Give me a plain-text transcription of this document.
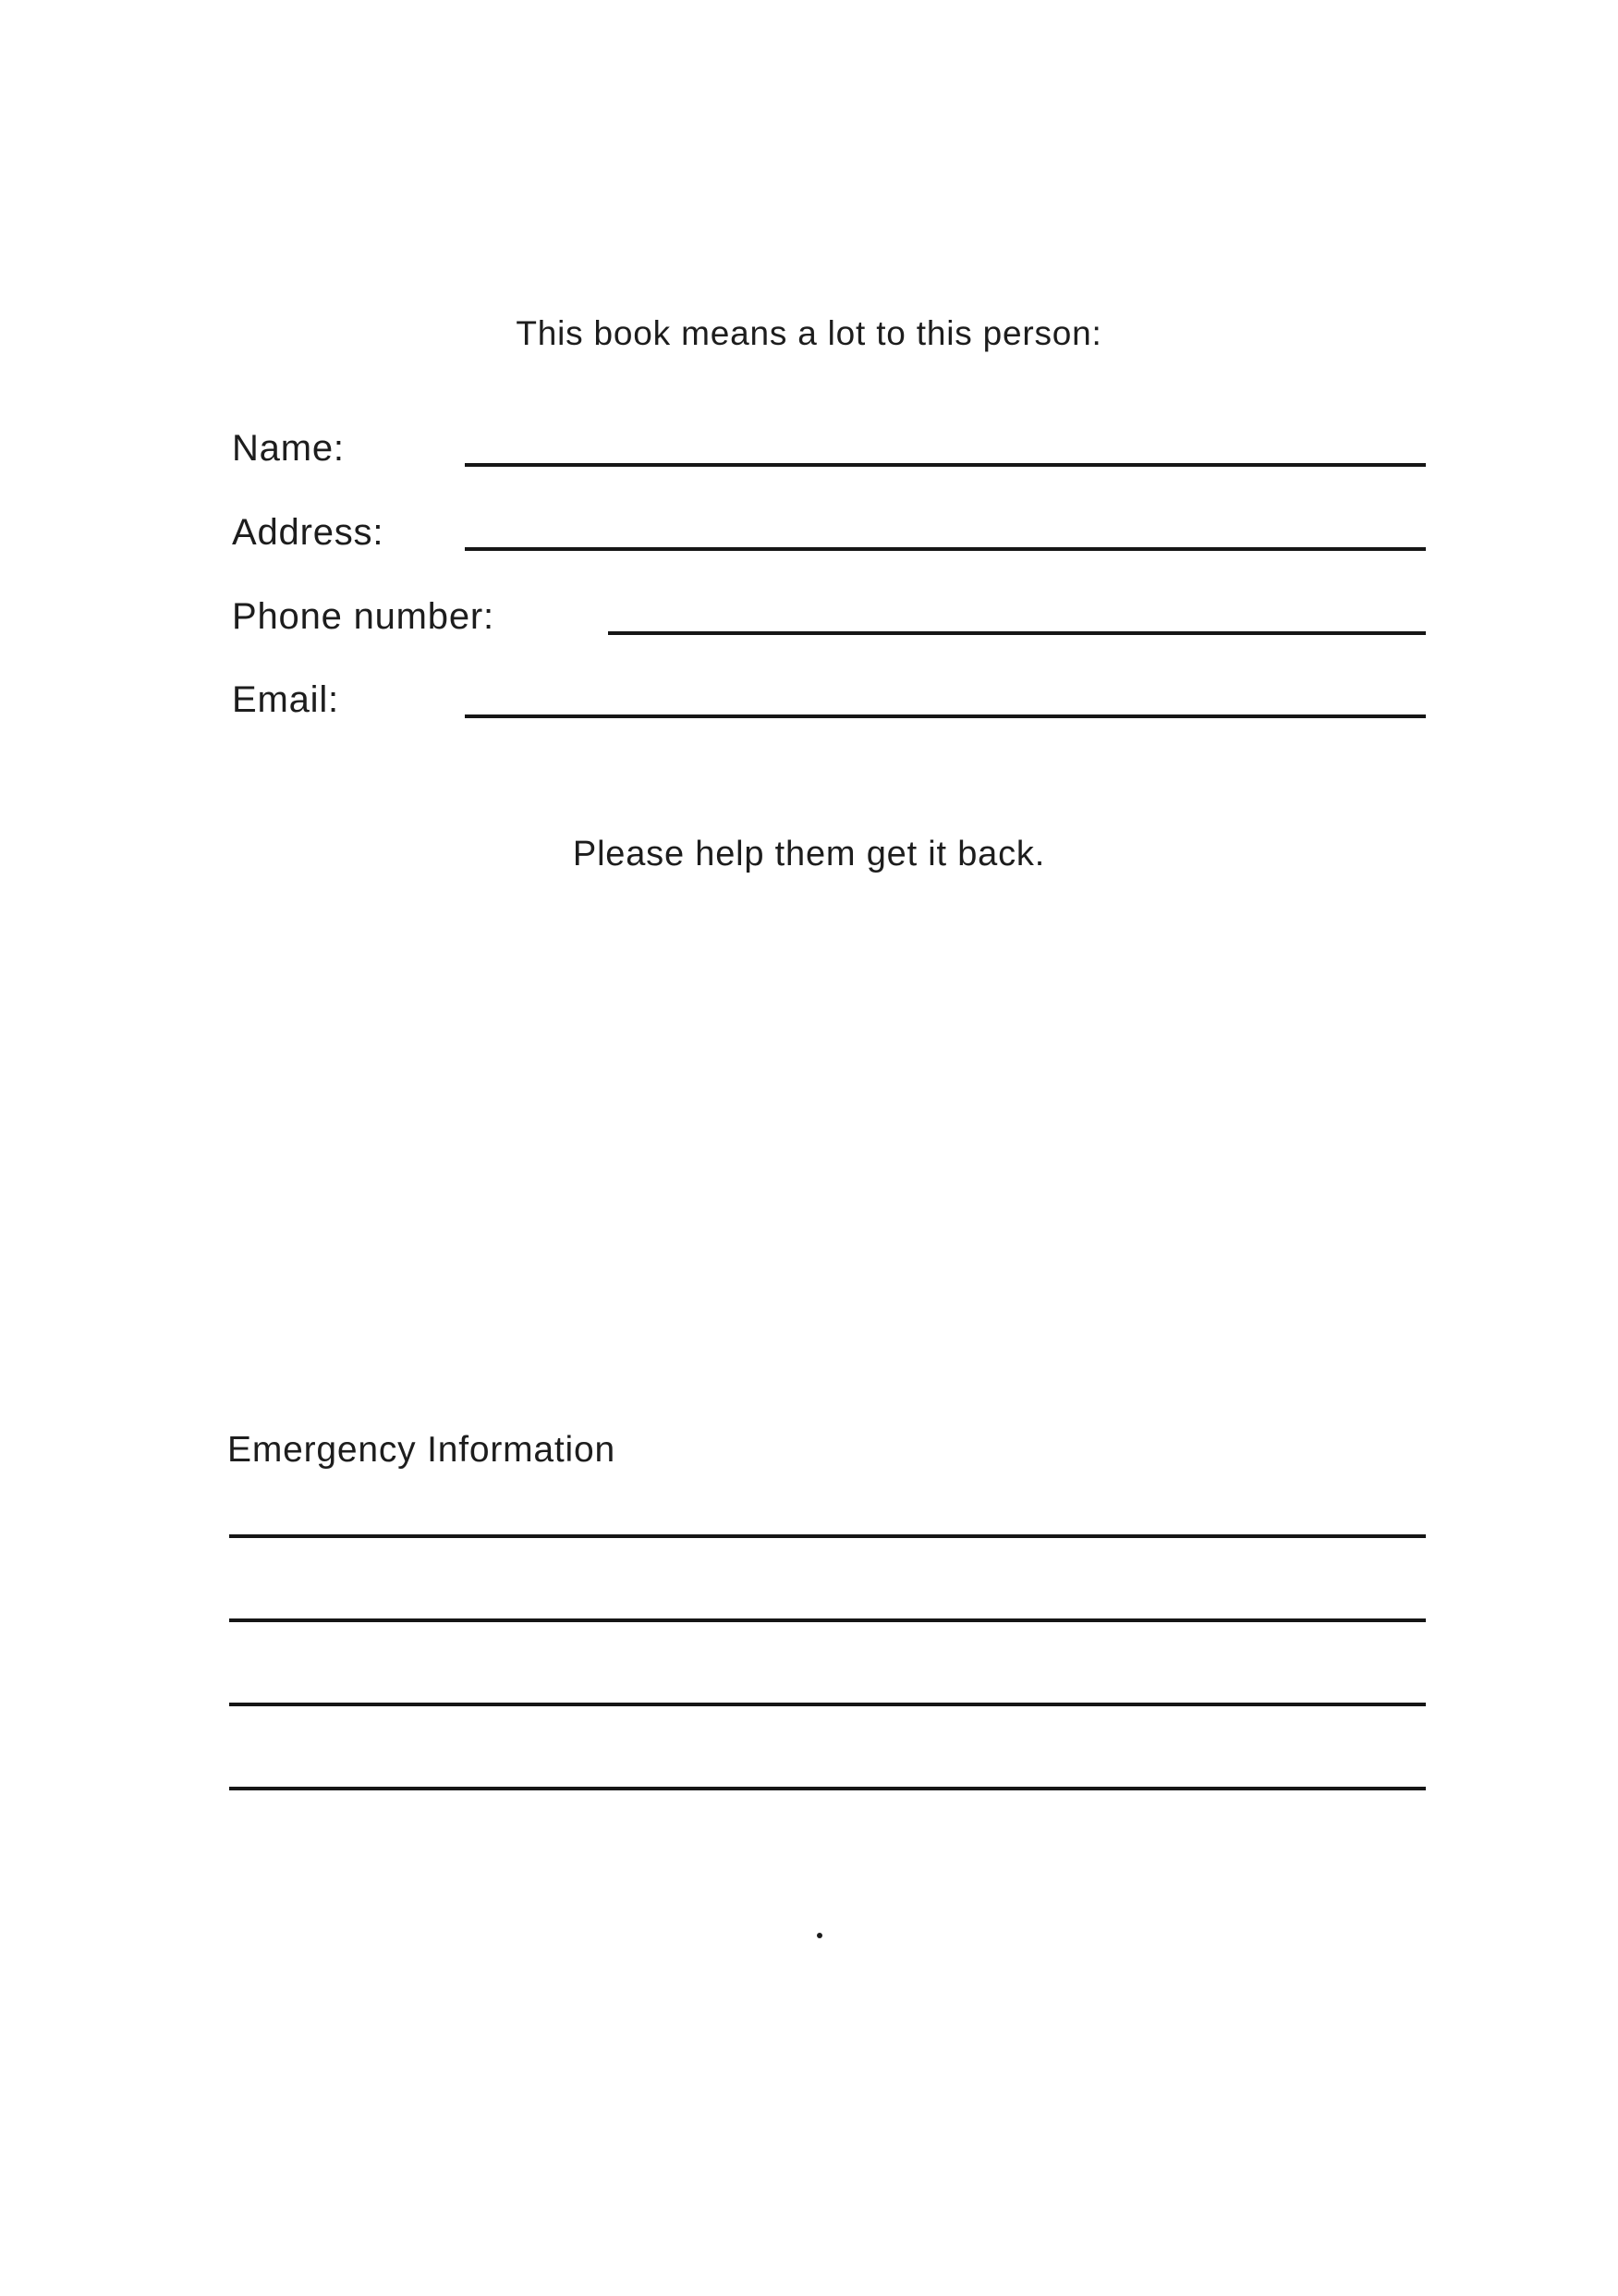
This book means a lot to this person:
Name:
Address:
Phone number:
Email:
Please help them get it back.
Emergency Information
